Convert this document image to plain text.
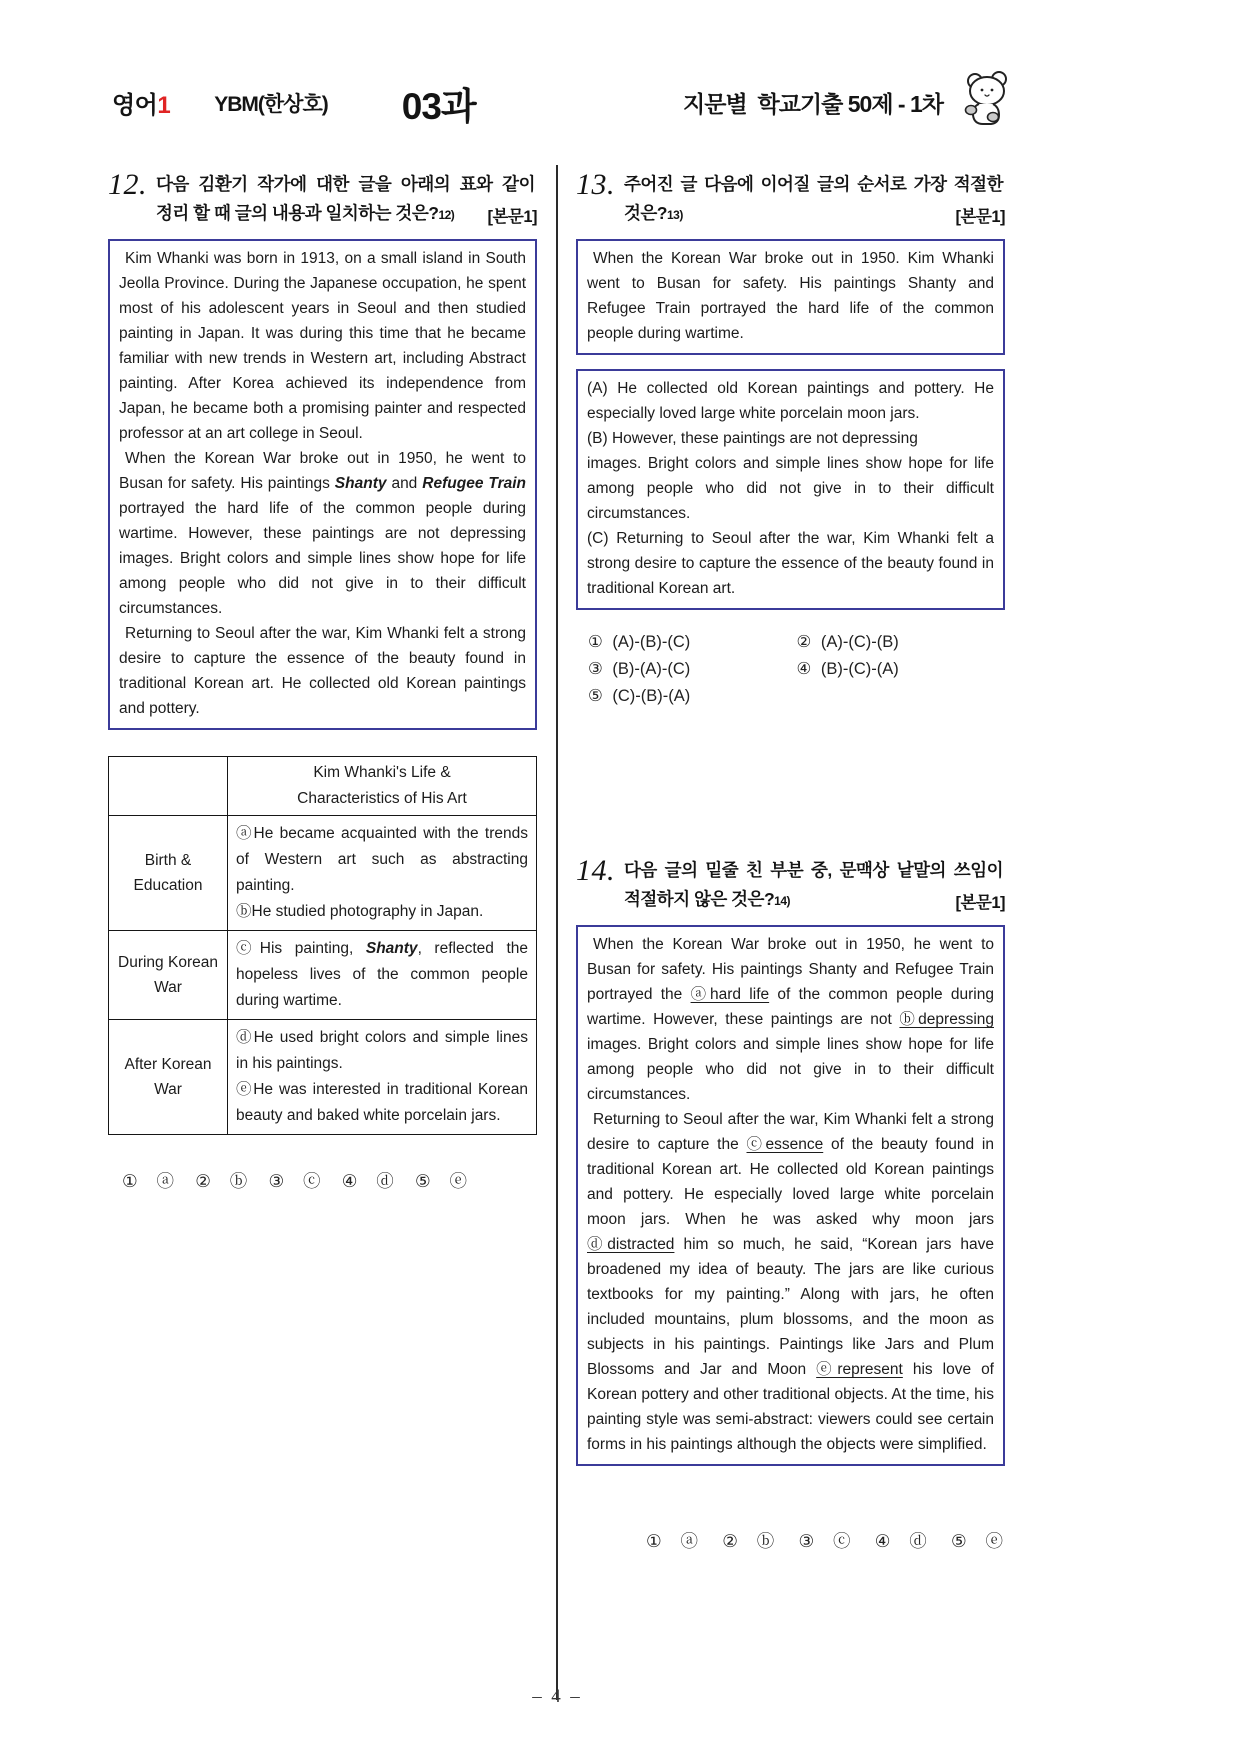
영어1 YBM(한상호) 03과	지문별  학교기출 50제 - 1차
12. 다음 김환기 작가에 대한 글을 아래의 표와 같이 정리 할 때 글의 내용과 일치하는 것은?12)	[본문1]

Kim Whanki was born in 1913, on a small island in South Jeolla Province. During the Japanese occupation, he spent most of his adolescent years in Seoul and then studied painting in Japan. It was during this time that he became familiar with new trends in Western art, including Abstract painting. After Korea achieved its independence from Japan, he became both a promising painter and respected professor at an art college in Seoul.

When the Korean War broke out in 1950, he went to Busan for safety. His paintings Shanty and Refugee Train portrayed the hard life of the common people during wartime. However, these paintings are not depressing images. Bright colors and simple lines show hope for life among people who did not give in to their difficult circumstances.

Returning to Seoul after the war, Kim Whanki felt a strong desire to capture the essence of the beauty found in traditional Korean art. He collected old Korean paintings and pottery.

	Kim Whanki's Life &
Characteristics of His Art

Birth & Education	ⓐHe became acquainted with the trends of Western art such as abstracting painting.
ⓑHe studied photography in Japan.

During Korean War	ⓒHis painting, Shanty, reflected the hopeless lives of the common people during wartime.

After Korean War	ⓓHe used bright colors and simple lines in his paintings.
ⓔHe was interested in traditional Korean beauty and baked white porcelain jars.
① ⓐ ② ⓑ ③ ⓒ ④ ⓓ ⑤ ⓔ
13. 주어진 글 다음에 이어질 글의 순서로 가장 적절한 것은?13)	[본문1]

When the Korean War broke out in 1950. Kim Whanki went to Busan for safety. His paintings Shanty and Refugee Train portrayed the hard life of the common people during wartime.

(A) He collected old Korean paintings and pottery. He especially loved large white porcelain moon jars.
(B) However, these paintings are not depressing
images. Bright colors and simple lines show hope for life among people who did not give in to their difficult circumstances.
(C) Returning to Seoul after the war, Kim Whanki felt a strong desire to capture the essence of the beauty found in traditional Korean art.
① (A)-(B)-(C)	② (A)-(C)-(B)
③ (B)-(A)-(C)	④ (B)-(C)-(A)
⑤ (C)-(B)-(A)
14. 다음 글의 밑줄 친 부분 중, 문맥상 낱말의 쓰임이 적절하지 않은 것은?14)	[본문1]

When the Korean War broke out in 1950, he went to Busan for safety. His paintings Shanty and Refugee Train portrayed the ⓐhard life of the common people during wartime. However, these paintings are not ⓑdepressing images. Bright colors and simple lines show hope for life among people who did not give in to their difficult circumstances.

Returning to Seoul after the war, Kim Whanki felt a strong desire to capture the ⓒessence of the beauty found in traditional Korean art. He collected old Korean paintings and pottery. He especially loved large white porcelain moon jars. When he was asked why moon jars ⓓdistracted him so much, he said, “Korean jars have broadened my idea of beauty. The jars are like curious textbooks for my painting.” Along with jars, he often included mountains, plum blossoms, and the moon as subjects in his paintings. Paintings like Jars and Plum Blossoms and Jar and Moon ⓔrepresent his love of Korean pottery and other traditional objects. At the time, his painting style was semi-abstract: viewers could see certain forms in his paintings although the objects were simplified.

① ⓐ ② ⓑ ③ ⓒ ④ ⓓ ⑤ ⓔ
–  4  –
